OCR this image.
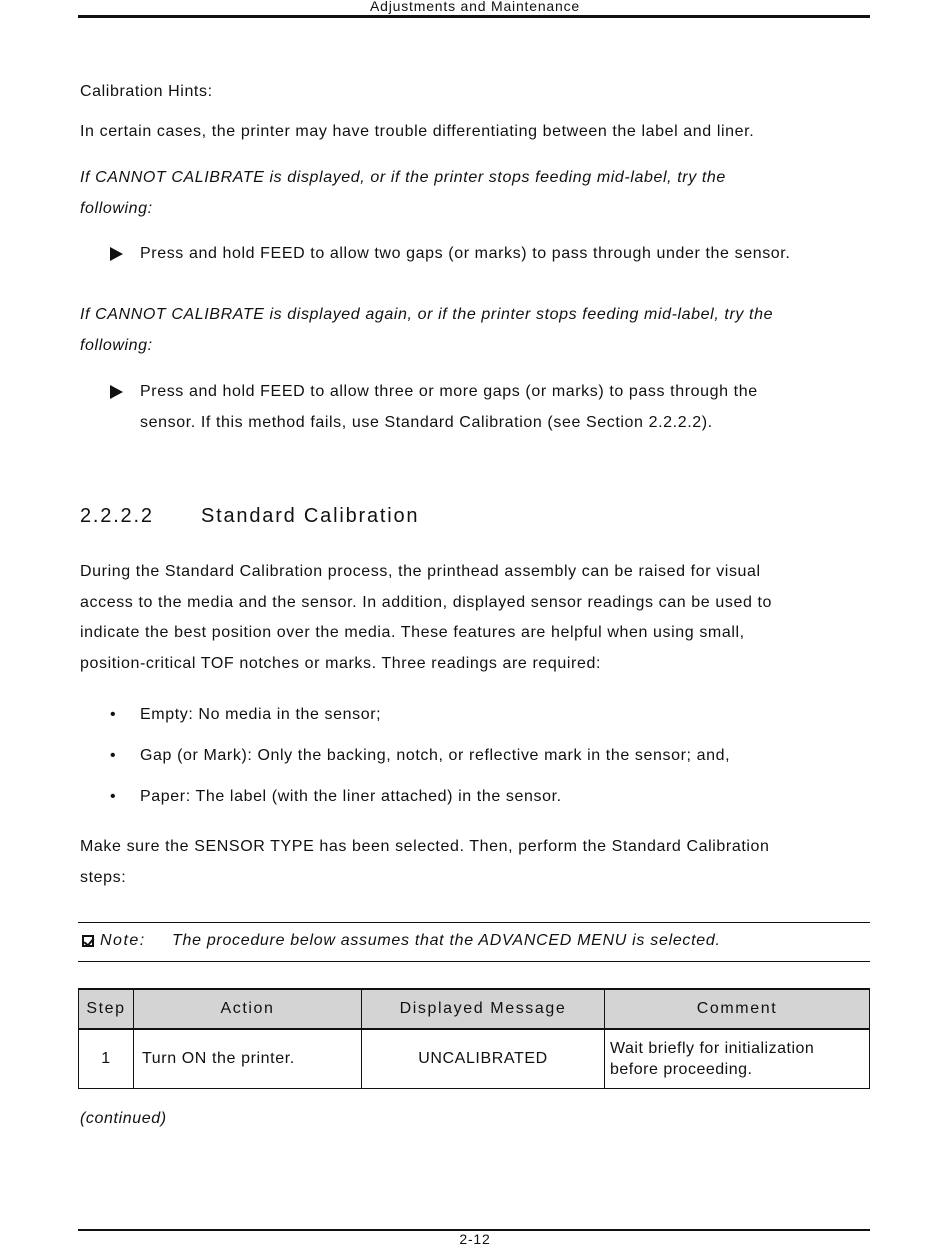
Adjustments and Maintenance
Calibration Hints:
In certain cases, the printer may have trouble differentiating between the label and liner.
If CANNOT CALIBRATE is displayed, or if the printer stops feeding mid-label, try the
following:
Press and hold FEED to allow two gaps (or marks) to pass through under the sensor.
If CANNOT CALIBRATE is displayed again, or if the printer stops feeding mid-label, try the
following:
Press and hold FEED to allow three or more gaps (or marks) to pass through the
sensor. If this method fails, use Standard Calibration (see Section 2.2.2.2).
2.2.2.2 Standard Calibration
During the Standard Calibration process, the printhead assembly can be raised for visual
access to the media and the sensor. In addition, displayed sensor readings can be used to
indicate the best position over the media. These features are helpful when using small,
position-critical TOF notches or marks. Three readings are required:
• Empty: No media in the sensor;
• Gap (or Mark): Only the backing, notch, or reflective mark in the sensor; and,
• Paper: The label (with the liner attached) in the sensor.
Make sure the SENSOR TYPE has been selected. Then, perform the Standard Calibration
steps:
Note: The procedure below assumes that the ADVANCED MENU is selected.
Step	Action	Displayed Message	Comment
1	Turn ON the printer.	UNCALIBRATED	Wait briefly for initialization
before proceeding.
(continued)
2-12
